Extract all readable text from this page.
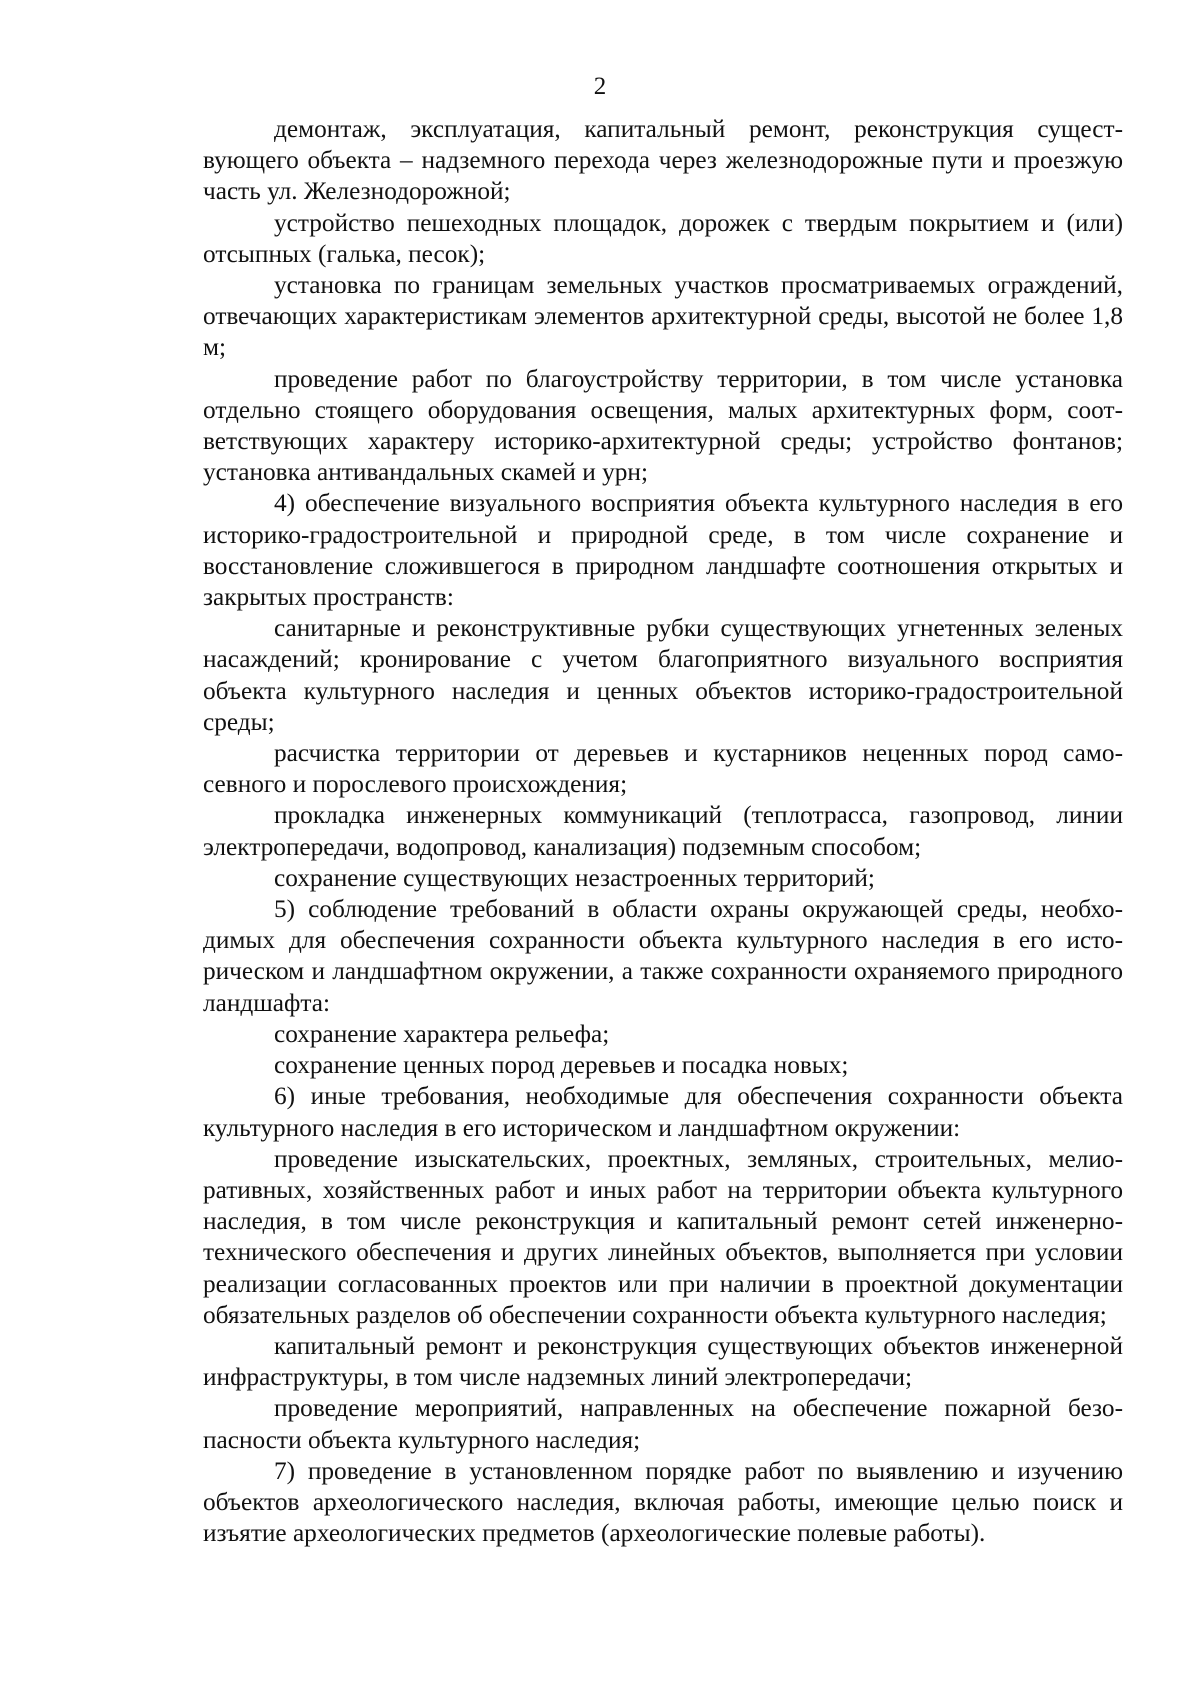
2

демонтаж, эксплуатация, капитальный ремонт, реконструкция существующего объекта – надземного перехода через железнодорожные пути и проезжую часть ул. Железнодорожной;

устройство пешеходных площадок, дорожек с твердым покрытием и (или) отсыпных (галька, песок);

установка по границам земельных участков просматриваемых ограждений, отвечающих характеристикам элементов архитектурной среды, высотой не более 1,8 м;

проведение работ по благоустройству территории, в том числе установка отдельно стоящего оборудования освещения, малых архитектурных форм, соответствующих характеру историко-архитектурной среды; устройство фонтанов; установка антивандальных скамей и урн;

4) обеспечение визуального восприятия объекта культурного наследия в его историко-градостроительной и природной среде, в том числе сохранение и восстановление сложившегося в природном ландшафте соотношения открытых и закрытых пространств:

санитарные и реконструктивные рубки существующих угнетенных зеленых насаждений; кронирование с учетом благоприятного визуального восприятия объекта культурного наследия и ценных объектов историко-градостроительной среды;

расчистка территории от деревьев и кустарников неценных пород самосевного и порослевого происхождения;

прокладка инженерных коммуникаций (теплотрасса, газопровод, линии электропередачи, водопровод, канализация) подземным способом;

сохранение существующих незастроенных территорий;

5) соблюдение требований в области охраны окружающей среды, необходимых для обеспечения сохранности объекта культурного наследия в его историческом и ландшафтном окружении, а также сохранности охраняемого природного ландшафта:

сохранение характера рельефа;

сохранение ценных пород деревьев и посадка новых;

6) иные требования, необходимые для обеспечения сохранности объекта культурного наследия в его историческом и ландшафтном окружении:

проведение изыскательских, проектных, земляных, строительных, мелиоративных, хозяйственных работ и иных работ на территории объекта культурного наследия, в том числе реконструкция и капитальный ремонт сетей инженерно-технического обеспечения и других линейных объектов, выполняется при условии реализации согласованных проектов или при наличии в проектной документации обязательных разделов об обеспечении сохранности объекта культурного наследия;

капитальный ремонт и реконструкция существующих объектов инженерной инфраструктуры, в том числе надземных линий электропередачи;

проведение мероприятий, направленных на обеспечение пожарной безопасности объекта культурного наследия;

7) проведение в установленном порядке работ по выявлению и изучению объектов археологического наследия, включая работы, имеющие целью поиск и изъятие археологических предметов (археологические полевые работы).
